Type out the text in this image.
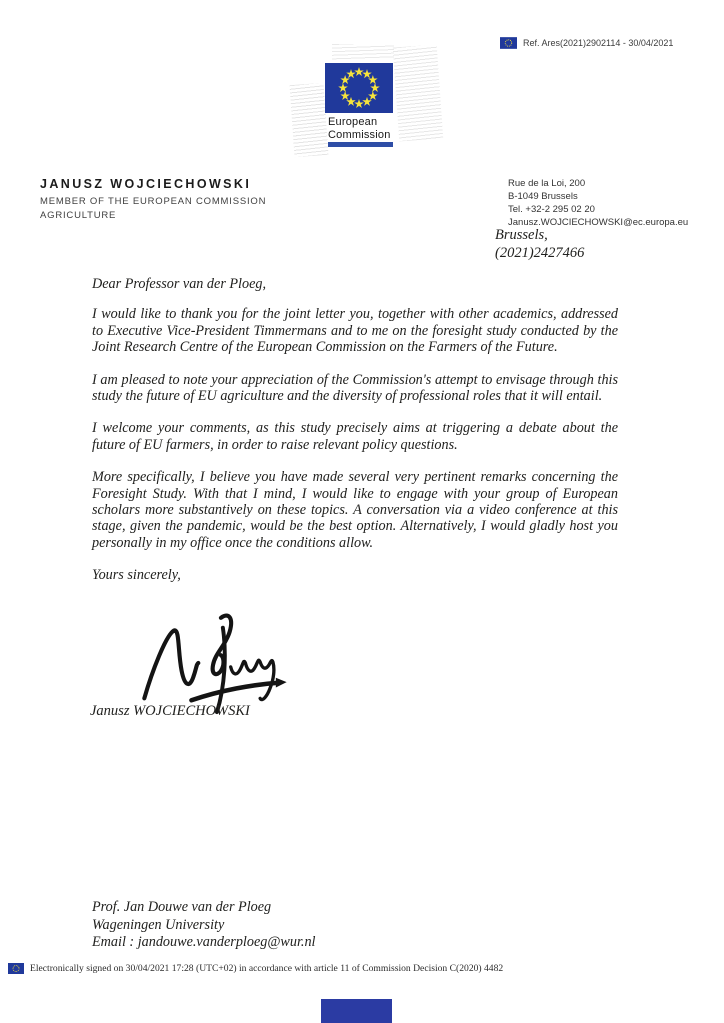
Ref. Ares(2021)2902114 - 30/04/2021
European
Commission
JANUSZ WOJCIECHOWSKI
MEMBER OF THE EUROPEAN COMMISSION
AGRICULTURE
Rue de la Loi, 200
B-1049 Brussels
Tel. +32-2 295 02 20
Janusz.WOJCIECHOWSKI@ec.europa.eu
Brussels,
(2021)2427466

Dear Professor van der Ploeg,

I would like to thank you for the joint letter you, together with other academics, addressed to Executive Vice-President Timmermans and to me on the foresight study conducted by the Joint Research Centre of the European Commission on the Farmers of the Future.

I am pleased to note your appreciation of the Commission's attempt to envisage through this study the future of EU agriculture and the diversity of professional roles that it will entail.

I welcome your comments, as this study precisely aims at triggering a debate about the future of EU farmers, in order to raise relevant policy questions.

More specifically, I believe you have made several very pertinent remarks concerning the Foresight Study. With that I mind, I would like to engage with your group of European scholars more substantively on these topics. A conversation via a video conference at this stage, given the pandemic, would be the best option. Alternatively, I would gladly host you personally in my office once the conditions allow.

Yours sincerely,

Janusz WOJCIECHOWSKI
Prof. Jan Douwe van der Ploeg
Wageningen University
Email : jandouwe.vanderploeg@wur.nl
Electronically signed on 30/04/2021 17:28 (UTC+02) in accordance with article 11 of Commission Decision C(2020) 4482
